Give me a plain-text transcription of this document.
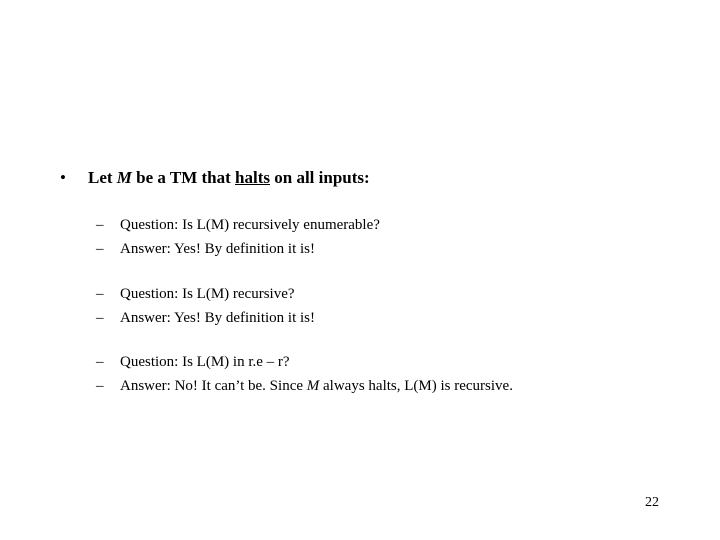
• Let M be a TM that halts on all inputs:
– Question: Is L(M) recursively enumerable?
– Answer: Yes! By definition it is!
– Question: Is L(M) recursive?
– Answer: Yes! By definition it is!
– Question: Is L(M) in r.e – r?
– Answer: No! It can’t be. Since M always halts, L(M) is recursive.
22
